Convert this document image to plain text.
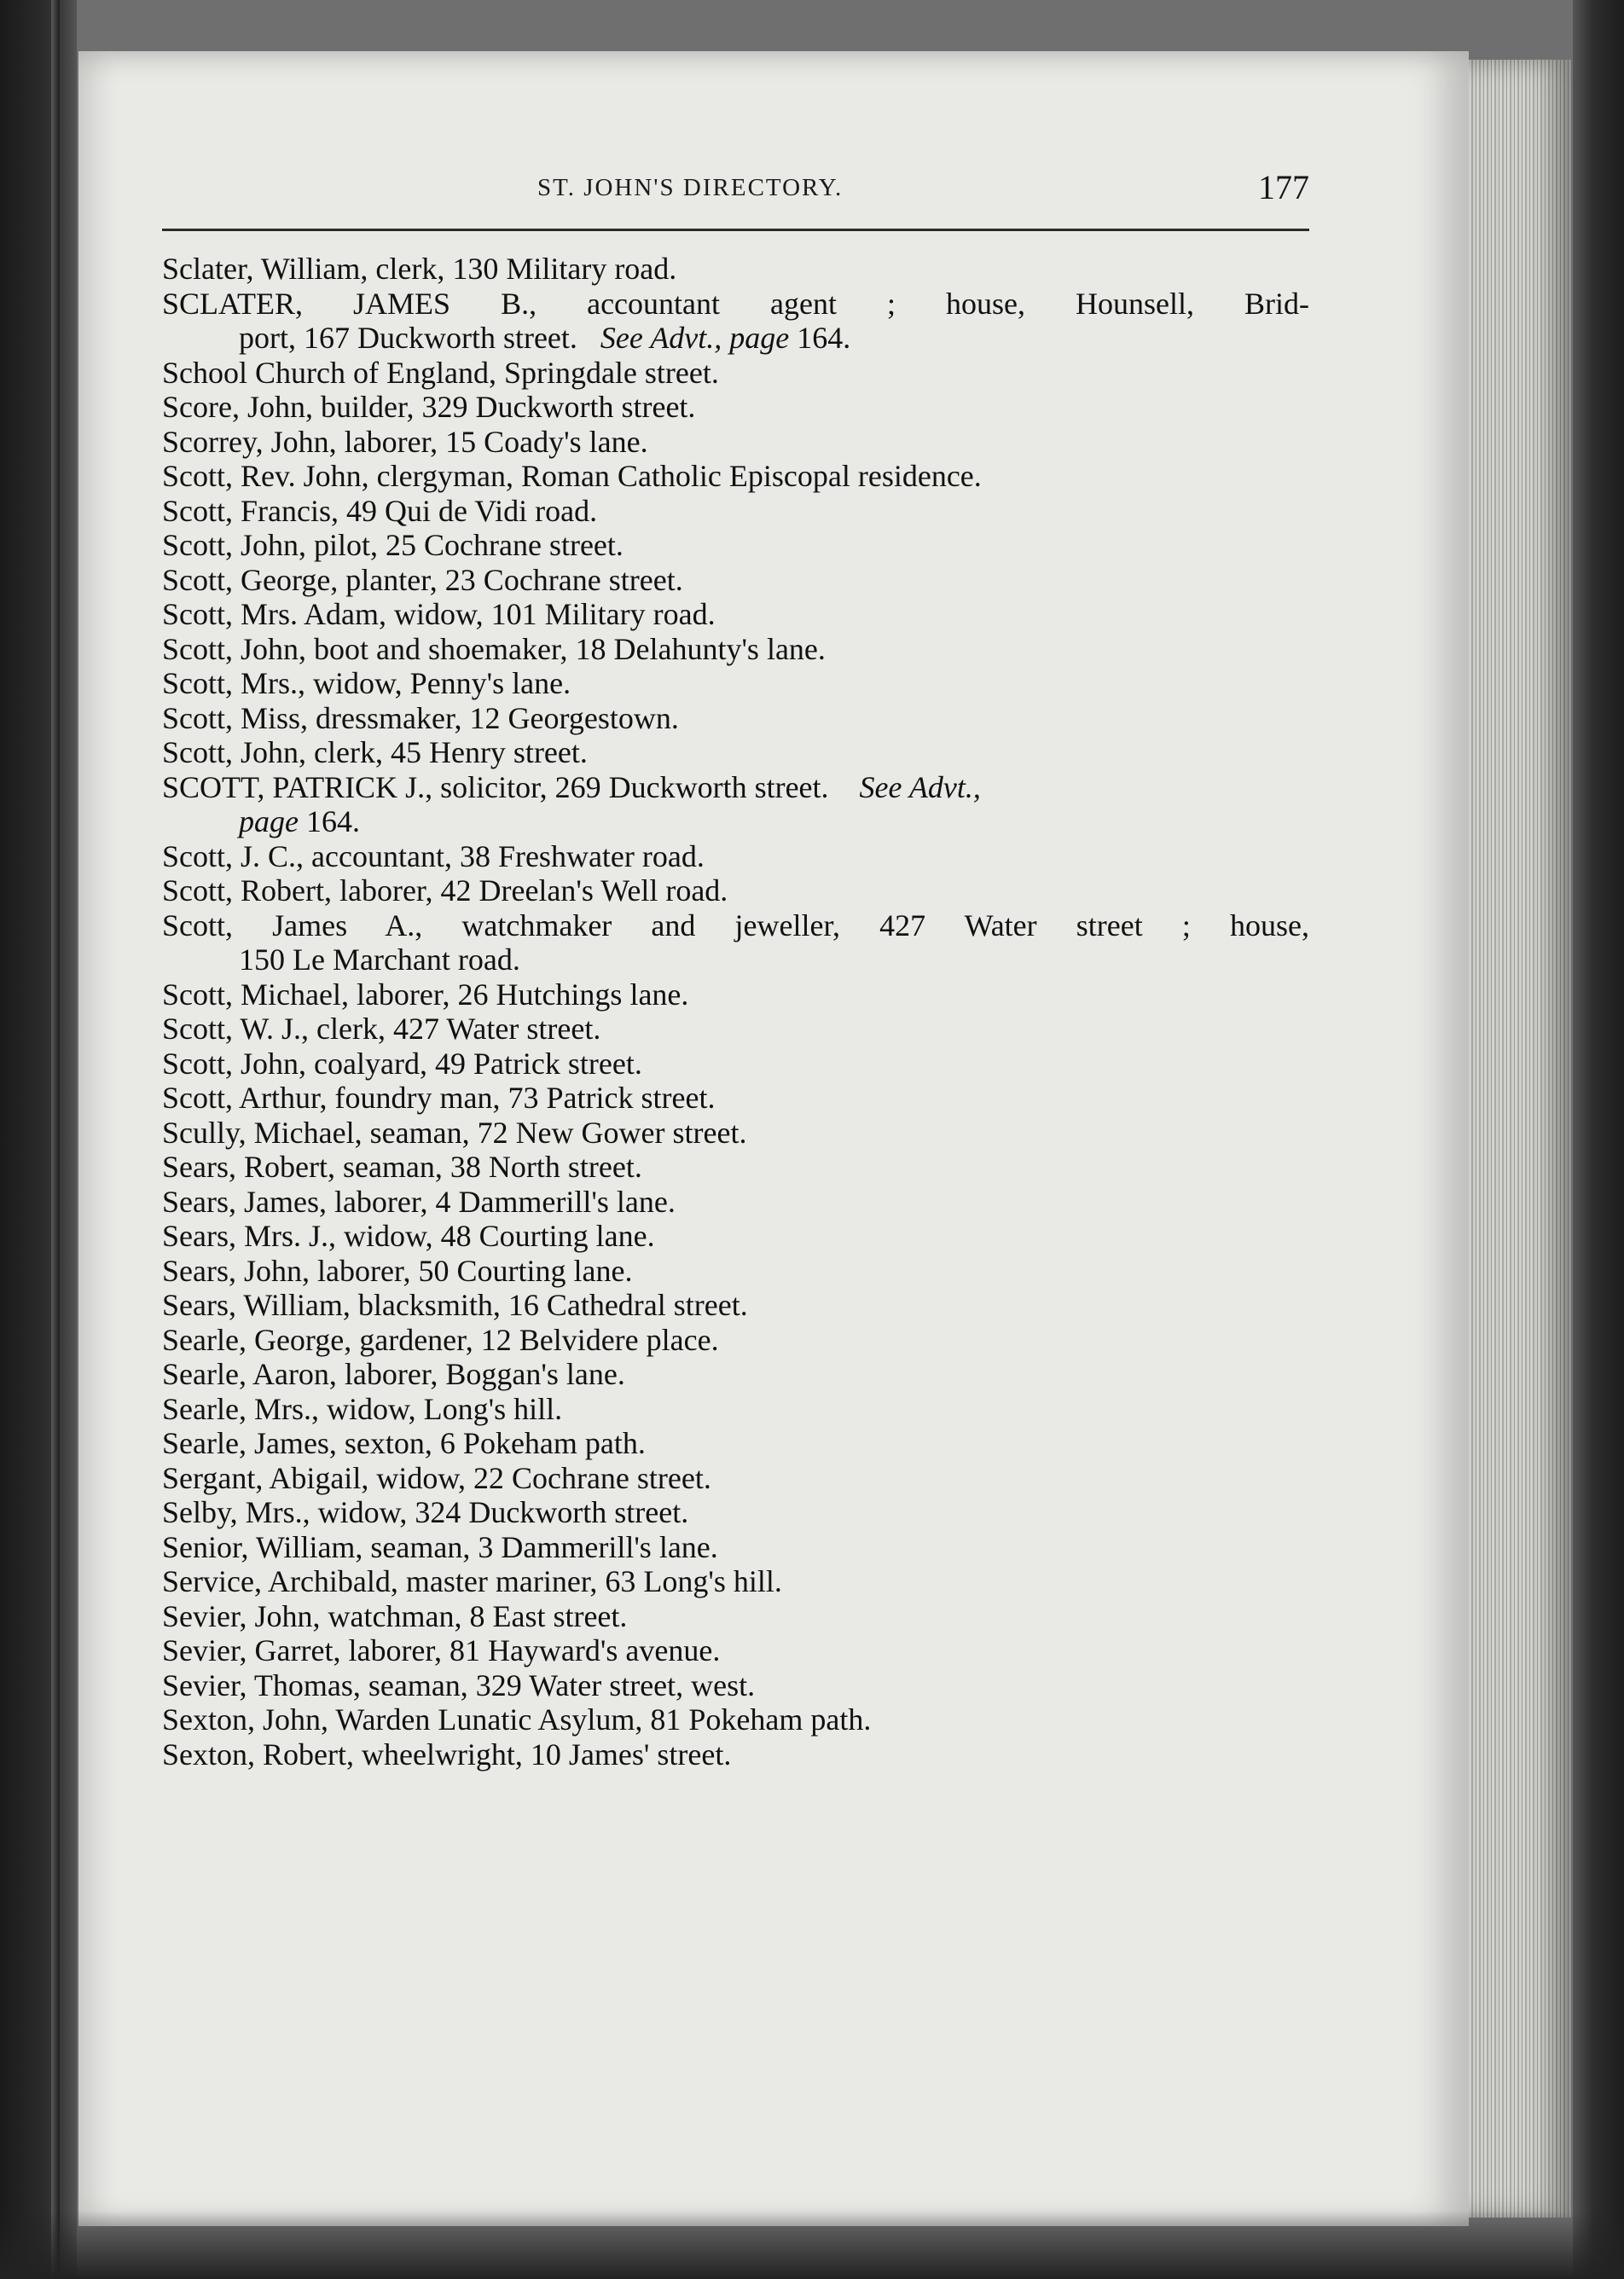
ST. JOHN'S DIRECTORY.	177
Sclater, William, clerk, 130 Military road.
SCLATER, JAMES B., accountant agent ; house, Hounsell, Brid-
port, 167 Duckworth street. See Advt., page 164.
School Church of England, Springdale street.
Score, John, builder, 329 Duckworth street.
Scorrey, John, laborer, 15 Coady's lane.
Scott, Rev. John, clergyman, Roman Catholic Episcopal residence.
Scott, Francis, 49 Qui de Vidi road.
Scott, John, pilot, 25 Cochrane street.
Scott, George, planter, 23 Cochrane street.
Scott, Mrs. Adam, widow, 101 Military road.
Scott, John, boot and shoemaker, 18 Delahunty's lane.
Scott, Mrs., widow, Penny's lane.
Scott, Miss, dressmaker, 12 Georgestown.
Scott, John, clerk, 45 Henry street.
SCOTT, PATRICK J., solicitor, 269 Duckworth street. See Advt.,
page 164.
Scott, J. C., accountant, 38 Freshwater road.
Scott, Robert, laborer, 42 Dreelan's Well road.
Scott, James A., watchmaker and jeweller, 427 Water street ; house,
150 Le Marchant road.
Scott, Michael, laborer, 26 Hutchings lane.
Scott, W. J., clerk, 427 Water street.
Scott, John, coalyard, 49 Patrick street.
Scott, Arthur, foundry man, 73 Patrick street.
Scully, Michael, seaman, 72 New Gower street.
Sears, Robert, seaman, 38 North street.
Sears, James, laborer, 4 Dammerill's lane.
Sears, Mrs. J., widow, 48 Courting lane.
Sears, John, laborer, 50 Courting lane.
Sears, William, blacksmith, 16 Cathedral street.
Searle, George, gardener, 12 Belvidere place.
Searle, Aaron, laborer, Boggan's lane.
Searle, Mrs., widow, Long's hill.
Searle, James, sexton, 6 Pokeham path.
Sergant, Abigail, widow, 22 Cochrane street.
Selby, Mrs., widow, 324 Duckworth street.
Senior, William, seaman, 3 Dammerill's lane.
Service, Archibald, master mariner, 63 Long's hill.
Sevier, John, watchman, 8 East street.
Sevier, Garret, laborer, 81 Hayward's avenue.
Sevier, Thomas, seaman, 329 Water street, west.
Sexton, John, Warden Lunatic Asylum, 81 Pokeham path.
Sexton, Robert, wheelwright, 10 James' street.
